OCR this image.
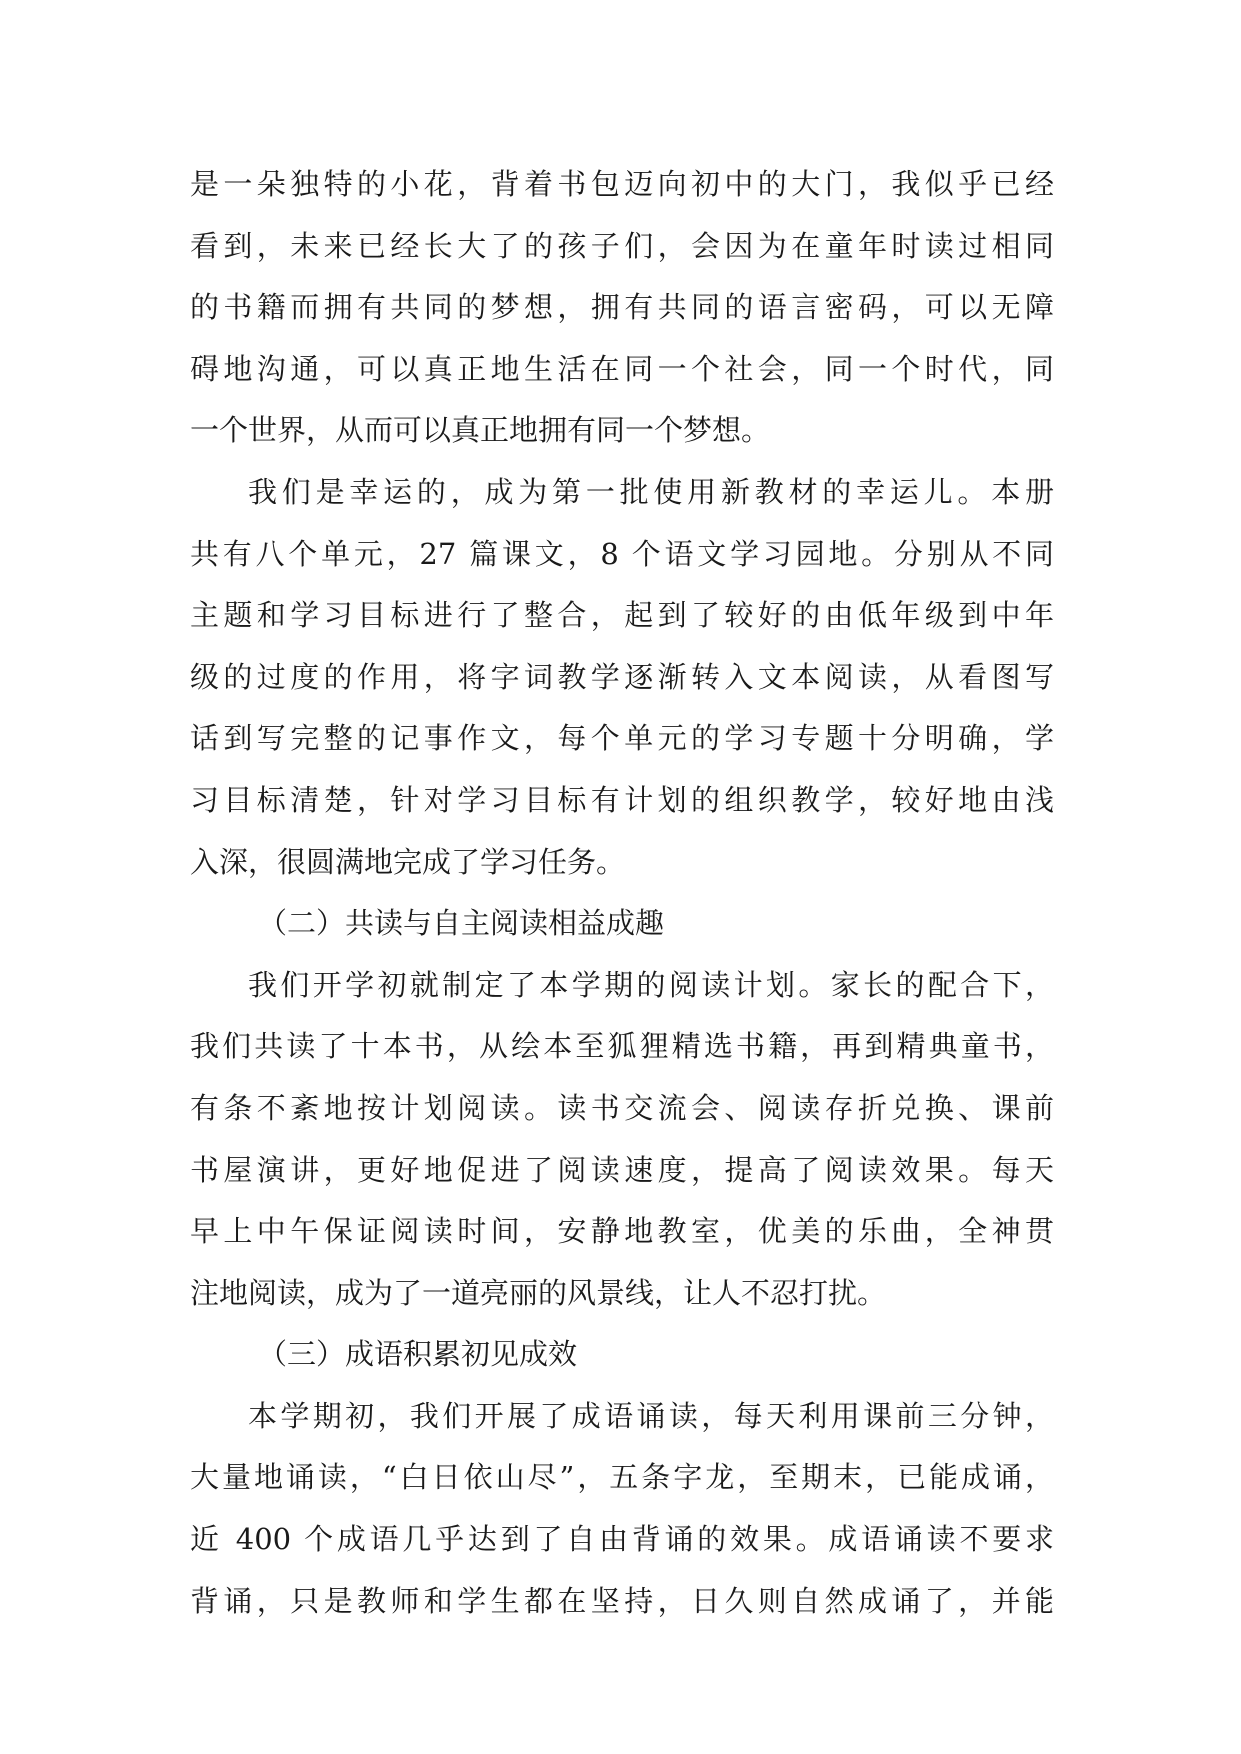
是一朵独特的小花，背着书包迈向初中的大门，我似乎已经
看到，未来已经长大了的孩子们，会因为在童年时读过相同
的书籍而拥有共同的梦想，拥有共同的语言密码，可以无障
碍地沟通，可以真正地生活在同一个社会，同一个时代，同
一个世界，从而可以真正地拥有同一个梦想。
我们是幸运的，成为第一批使用新教材的幸运儿。本册
共有八个单元，27 篇课文，8 个语文学习园地。分别从不同
主题和学习目标进行了整合，起到了较好的由低年级到中年
级的过度的作用，将字词教学逐渐转入文本阅读，从看图写
话到写完整的记事作文，每个单元的学习专题十分明确，学
习目标清楚，针对学习目标有计划的组织教学，较好地由浅
入深，很圆满地完成了学习任务。
（二）共读与自主阅读相益成趣
我们开学初就制定了本学期的阅读计划。家长的配合下，
我们共读了十本书，从绘本至狐狸精选书籍，再到精典童书，
有条不紊地按计划阅读。读书交流会、阅读存折兑换、课前
书屋演讲，更好地促进了阅读速度，提高了阅读效果。每天
早上中午保证阅读时间，安静地教室，优美的乐曲，全神贯
注地阅读，成为了一道亮丽的风景线，让人不忍打扰。
（三）成语积累初见成效
本学期初，我们开展了成语诵读，每天利用课前三分钟，
大量地诵读，“白日依山尽”，五条字龙，至期末，已能成诵，
近 400 个成语几乎达到了自由背诵的效果。成语诵读不要求
背诵，只是教师和学生都在坚持，日久则自然成诵了，并能
